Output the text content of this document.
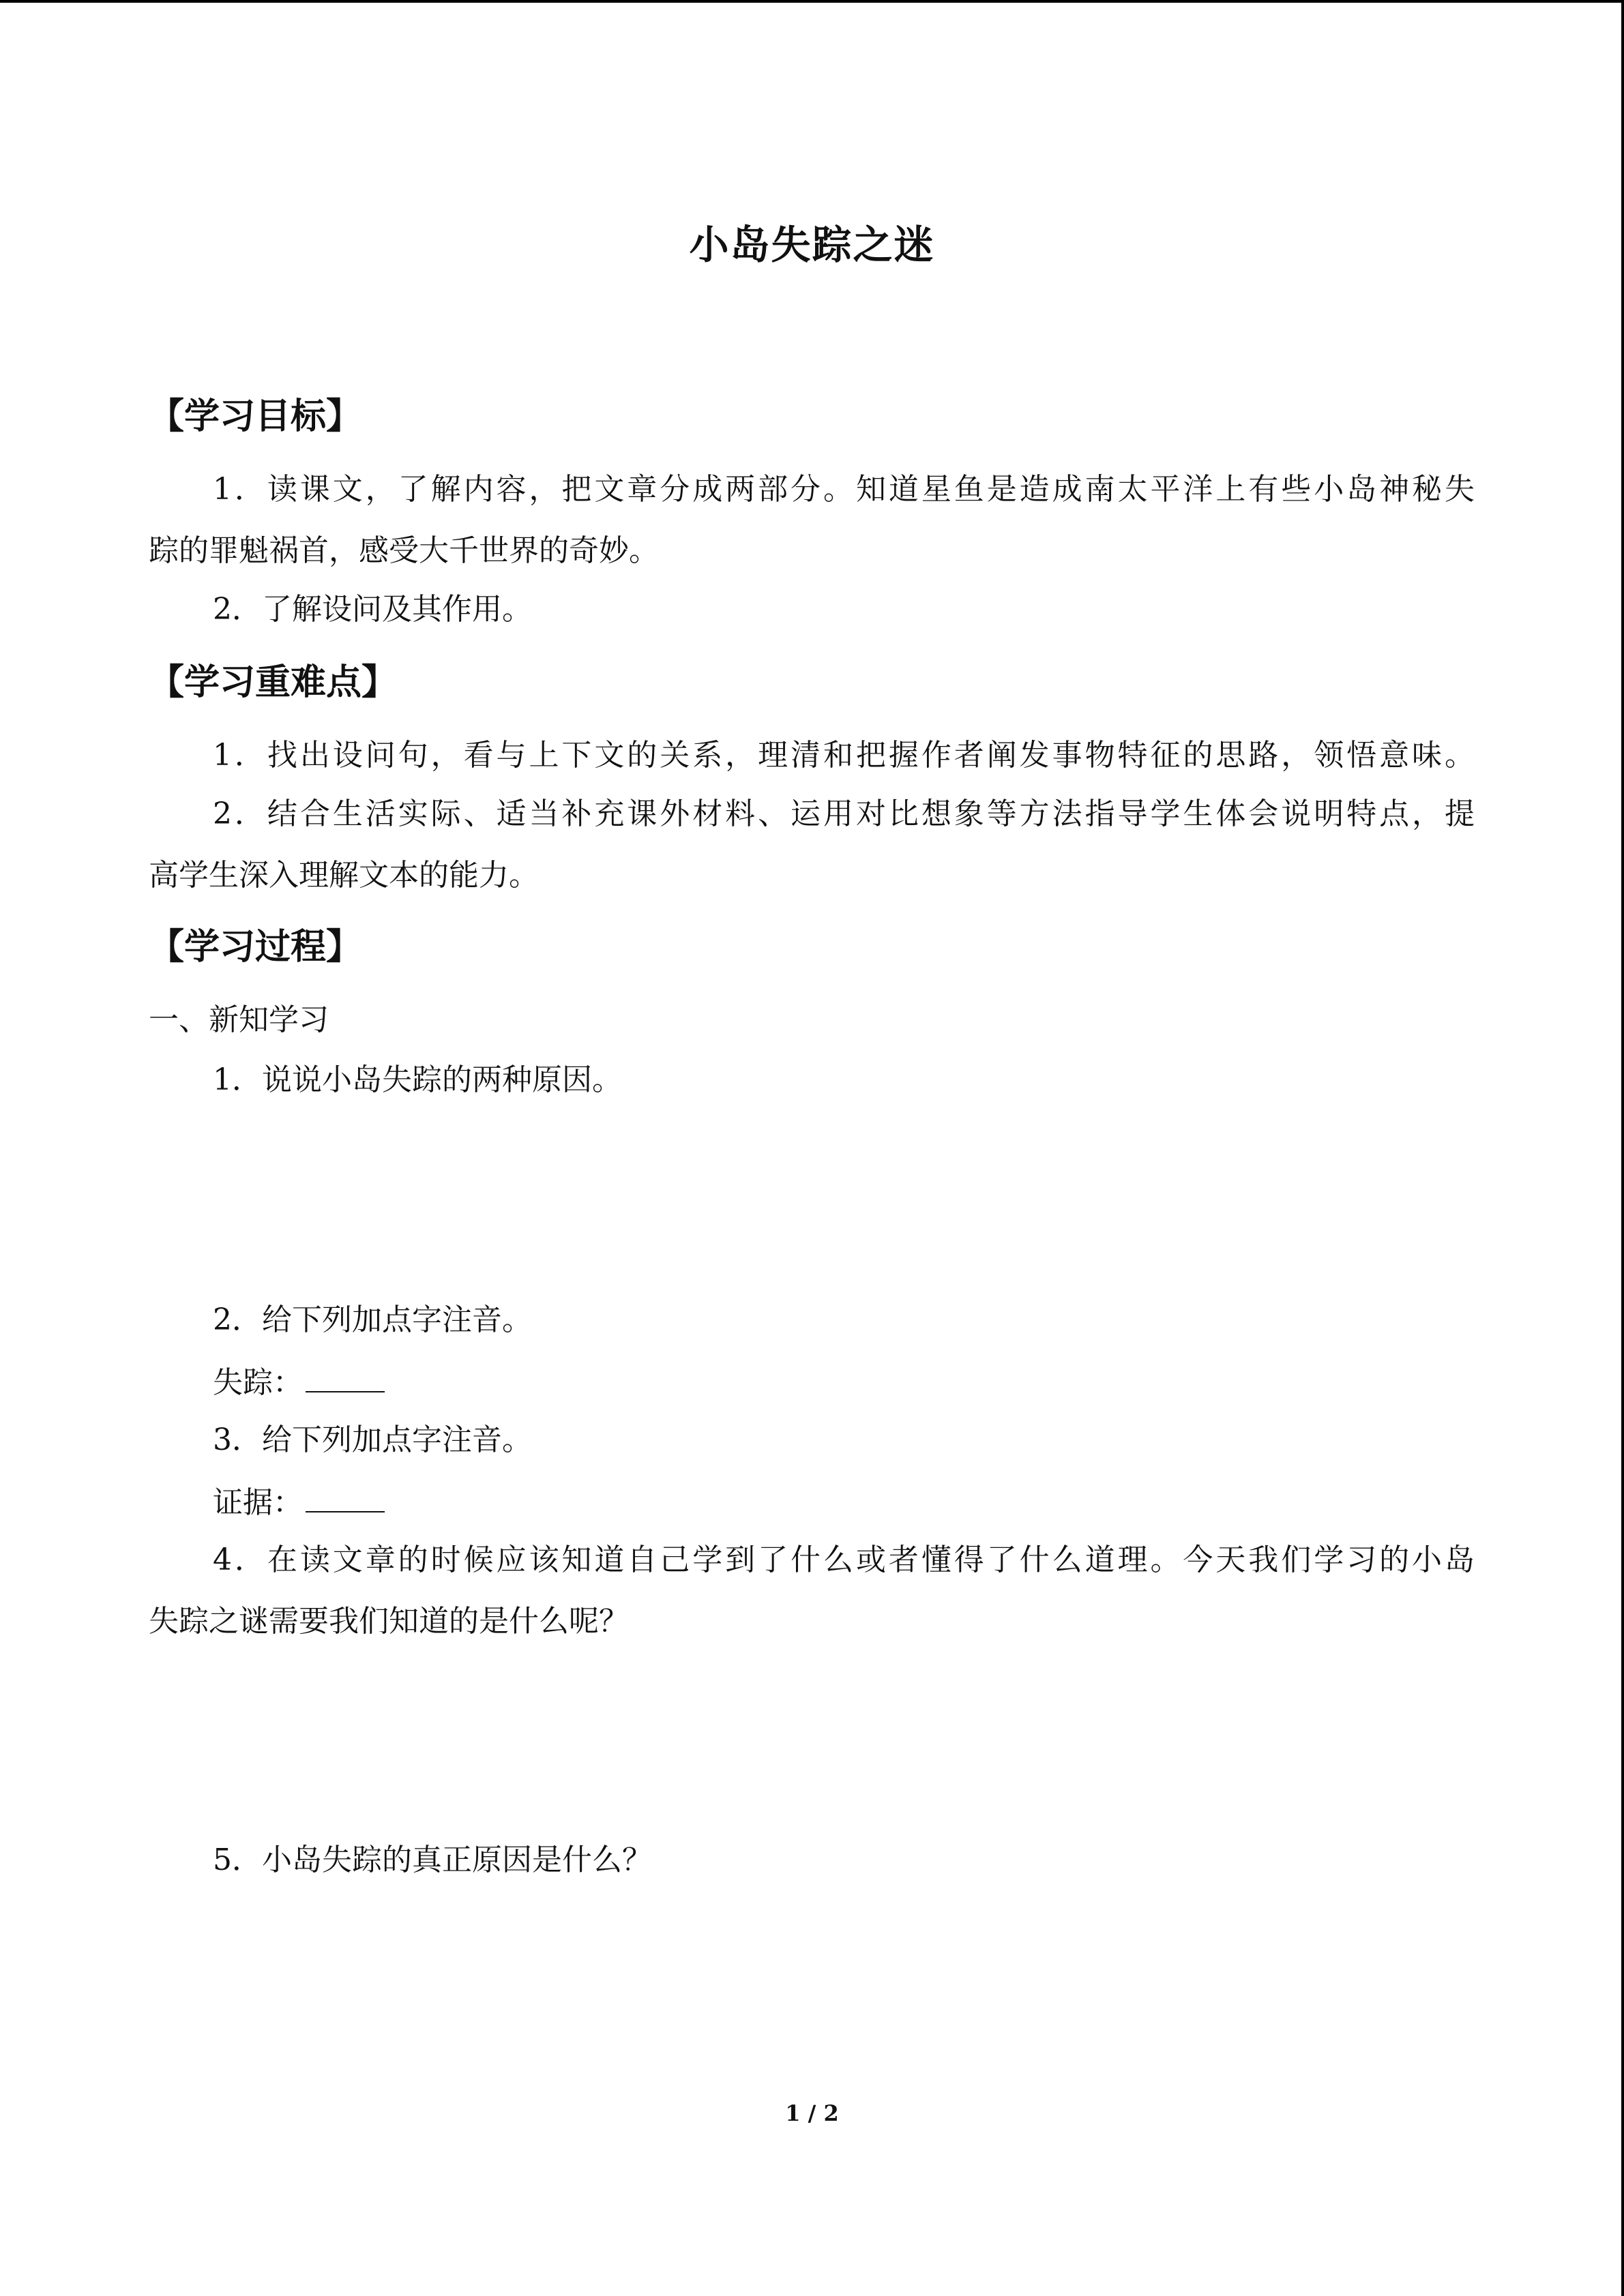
小岛失踪之迷
【学习目标】
1．读课文，了解内容，把文章分成两部分。知道星鱼是造成南太平洋上有些小岛神秘失
踪的罪魁祸首，感受大千世界的奇妙。
2．了解设问及其作用。
【学习重难点】
1．找出设问句，看与上下文的关系，理清和把握作者阐发事物特征的思路，领悟意味。
2．结合生活实际、适当补充课外材料、运用对比想象等方法指导学生体会说明特点，提
高学生深入理解文本的能力。
【学习过程】
一、新知学习
1．说说小岛失踪的两种原因。
2．给下列加点字注音。
失踪：
3．给下列加点字注音。
证据：
4．在读文章的时候应该知道自己学到了什么或者懂得了什么道理。今天我们学习的小岛
失踪之谜需要我们知道的是什么呢？
5．小岛失踪的真正原因是什么？
1 / 2
